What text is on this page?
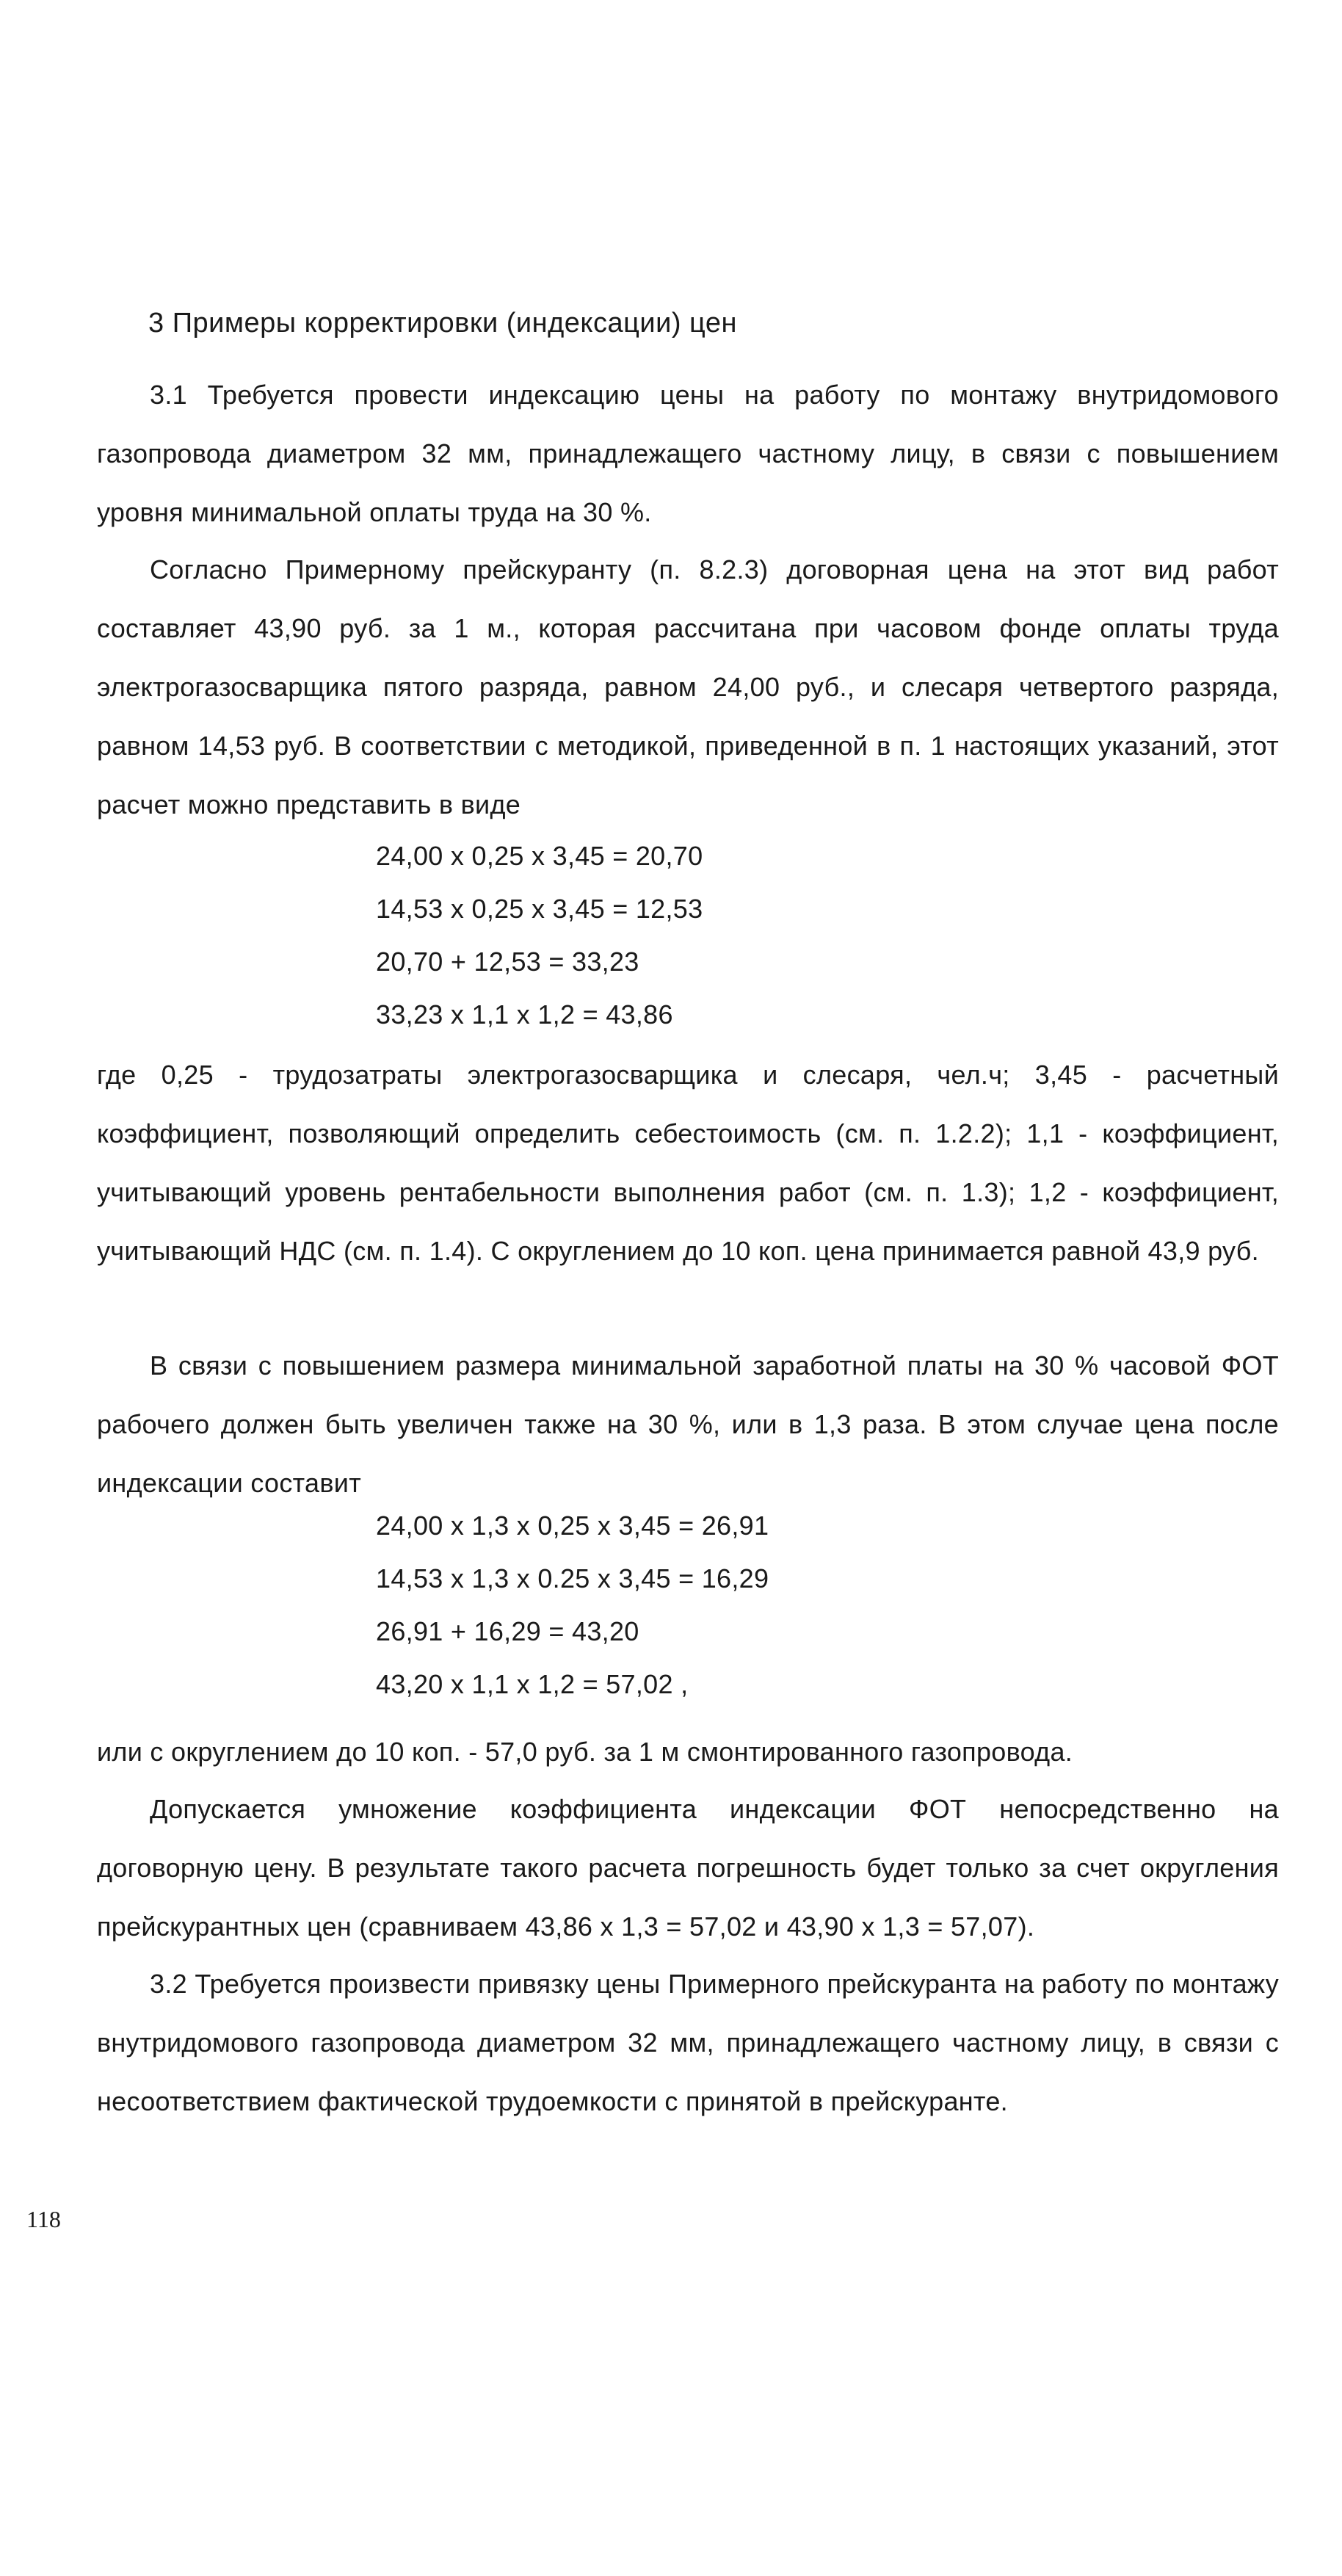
3 Примеры корректировки (индексации) цен
3.1 Требуется провести индексацию цены на работу по монтажу внутридомового газопровода диаметром 32 мм, принадлежащего частному лицу, в связи с повышением уровня минимальной оплаты труда на 30 %.
Согласно Примерному прейскуранту (п. 8.2.3) договорная цена на этот вид работ составляет 43,90 руб. за 1 м., которая рассчитана при часовом фонде оплаты труда электрогазосварщика пятого разряда, равном 24,00 руб., и слесаря четвертого разряда, равном 14,53 руб. В соответствии с методикой, приведенной в п. 1 настоящих указаний, этот расчет можно представить в виде
24,00 х 0,25 х 3,45 = 20,70
14,53 х 0,25 х 3,45 = 12,53
20,70 + 12,53 = 33,23
33,23 х 1,1 х 1,2 = 43,86
где 0,25 - трудозатраты электрогазосварщика и слесаря, чел.ч; 3,45 - расчетный коэффициент, позволяющий определить себестоимость (см. п. 1.2.2); 1,1 - коэффициент, учитывающий уровень рентабельности выполнения работ (см. п. 1.3); 1,2 - коэффициент, учитывающий НДС (см. п. 1.4). С округлением до 10 коп. цена принимается равной 43,9 руб.
В связи с повышением размера минимальной заработной платы на 30 % часовой ФОТ рабочего должен быть увеличен также на 30 %, или в 1,3 раза. В этом случае цена после индексации составит
24,00 х 1,3 х 0,25 х 3,45 = 26,91
14,53 х 1,3 х 0.25 х 3,45 = 16,29
26,91 + 16,29 = 43,20
43,20 х 1,1 х 1,2 = 57,02 ,
или с округлением до 10 коп. - 57,0 руб. за 1 м смонтированного газопровода.
Допускается умножение коэффициента индексации ФОТ непосредственно на договорную цену. В результате такого расчета погрешность будет только за счет округления прейскурантных цен (сравниваем 43,86 х 1,3 = 57,02 и 43,90 х 1,3 = 57,07).
3.2 Требуется произвести привязку цены Примерного прейскуранта на работу по монтажу внутридомового газопровода диаметром 32 мм, принадлежащего частному лицу, в связи с несоответствием фактической трудоемкости с принятой в прейскуранте.
118
